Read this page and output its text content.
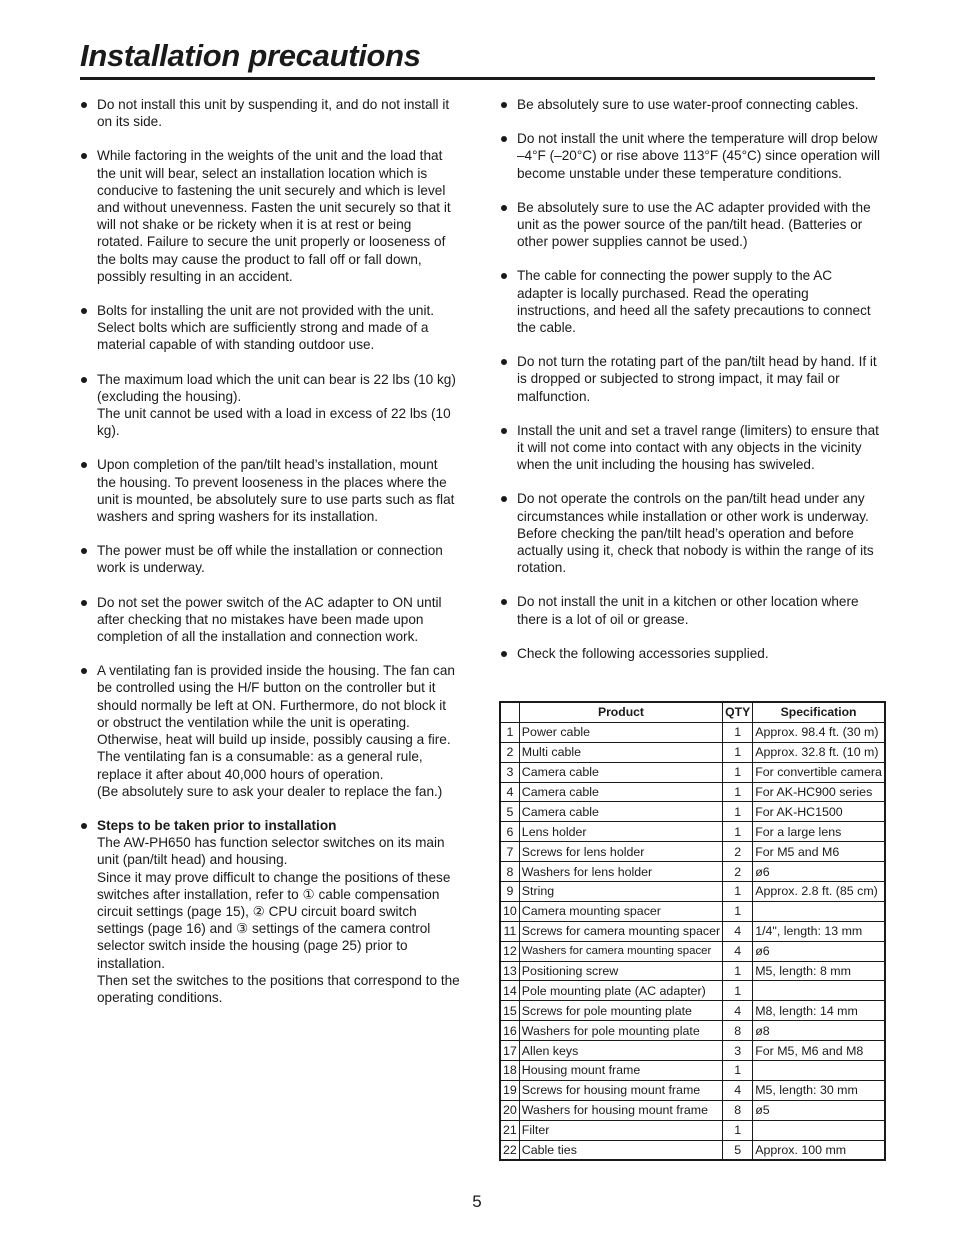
Installation precautions

Do not install this unit by suspending it, and do not install it on its side.

While factoring in the weights of the unit and the load that the unit will bear, select an installation location which is conducive to fastening the unit securely and which is level and without unevenness. Fasten the unit securely so that it will not shake or be rickety when it is at rest or being rotated. Failure to secure the unit properly or looseness of the bolts may cause the product to fall off or fall down, possibly resulting in an accident.

Bolts for installing the unit are not provided with the unit. Select bolts which are sufficiently strong and made of a material capable of with standing outdoor use.

The maximum load which the unit can bear is 22 lbs (10 kg) (excluding the housing).

The unit cannot be used with a load in excess of 22 lbs (10 kg).

Upon completion of the pan/tilt head’s installation, mount the housing. To prevent looseness in the places where the unit is mounted, be absolutely sure to use parts such as flat washers and spring washers for its installation.

The power must be off while the installation or connection work is underway.

Do not set the power switch of the AC adapter to ON until after checking that no mistakes have been made upon completion of all the installation and connection work.

A ventilating fan is provided inside the housing. The fan can be controlled using the H/F button on the controller but it should normally be left at ON. Furthermore, do not block it or obstruct the ventilation while the unit is operating. Otherwise, heat will build up inside, possibly causing a fire. The ventilating fan is a consumable: as a general rule, replace it after about 40,000 hours of operation.

(Be absolutely sure to ask your dealer to replace the fan.)

Steps to be taken prior to installation

The AW-PH650 has function selector switches on its main unit (pan/tilt head) and housing.

Since it may prove difficult to change the positions of these switches after installation, refer to ① cable compensation circuit settings (page 15), ② CPU circuit board switch settings (page 16) and ③ settings of the camera control selector switch inside the housing (page 25) prior to installation.

Then set the switches to the positions that correspond to the operating conditions.

Be absolutely sure to use water-proof connecting cables.

Do not install the unit where the temperature will drop below –4°F (–20°C) or rise above 113°F (45°C) since operation will become unstable under these temperature conditions.

Be absolutely sure to use the AC adapter provided with the unit as the power source of the pan/tilt head. (Batteries or other power supplies cannot be used.)

The cable for connecting the power supply to the AC adapter is locally purchased. Read the operating instructions, and heed all the safety precautions to connect the cable.

Do not turn the rotating part of the pan/tilt head by hand. If it is dropped or subjected to strong impact, it may fail or malfunction.

Install the unit and set a travel range (limiters) to ensure that it will not come into contact with any objects in the vicinity when the unit including the housing has swiveled.

Do not operate the controls on the pan/tilt head under any circumstances while installation or other work is underway.

Before checking the pan/tilt head’s operation and before actually using it, check that nobody is within the range of its rotation.

Do not install the unit in a kitchen or other location where there is a lot of oil or grease.

Check the following accessories supplied.

	Product	QTY	Specification
1	Power cable	1	Approx. 98.4 ft. (30 m)
2	Multi cable	1	Approx. 32.8 ft. (10 m)
3	Camera cable	1	For convertible camera
4	Camera cable	1	For AK-HC900 series
5	Camera cable	1	For AK-HC1500
6	Lens holder	1	For a large lens
7	Screws for lens holder	2	For M5 and M6
8	Washers for lens holder	2	ø6
9	String	1	Approx. 2.8 ft. (85 cm)
10	Camera mounting spacer	1	
11	Screws for camera mounting spacer	4	1/4", length: 13 mm
12	Washers for camera mounting spacer	4	ø6
13	Positioning screw	1	M5, length: 8 mm
14	Pole mounting plate (AC adapter)	1	
15	Screws for pole mounting plate	4	M8, length: 14 mm
16	Washers for pole mounting plate	8	ø8
17	Allen keys	3	For M5, M6 and M8
18	Housing mount frame	1	
19	Screws for housing mount frame	4	M5, length: 30 mm
20	Washers for housing mount frame	8	ø5
21	Filter	1	
22	Cable ties	5	Approx. 100 mm
5
